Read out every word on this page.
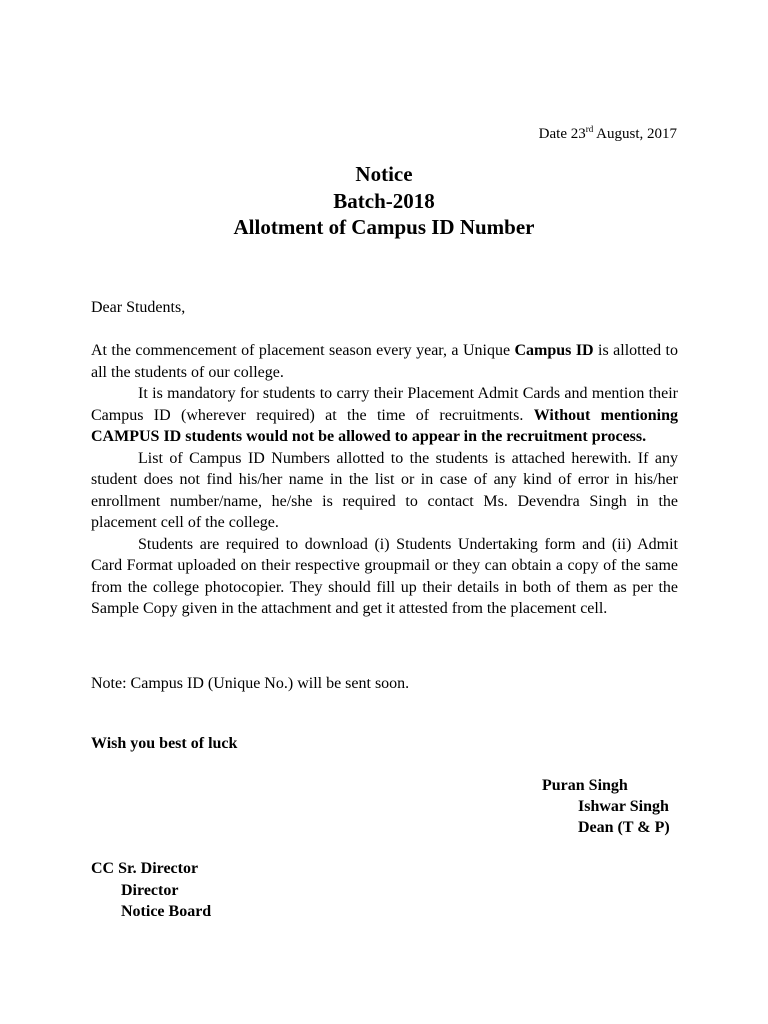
Date 23rd August, 2017
Notice
Batch-2018
Allotment of Campus ID Number
Dear Students,

At the commencement of placement season every year, a Unique Campus ID is allotted to all the students of our college.

It is mandatory for students to carry their Placement Admit Cards and mention their Campus ID (wherever required) at the time of recruitments. Without mentioning CAMPUS ID students would not be allowed to appear in the recruitment process.

List of Campus ID Numbers allotted to the students is attached herewith. If any student does not find his/her name in the list or in case of any kind of error in his/her enrollment number/name, he/she is required to contact Ms. Devendra Singh in the placement cell of the college.

Students are required to download (i) Students Undertaking form and (ii) Admit Card Format uploaded on their respective groupmail or they can obtain a copy of the same from the college photocopier. They should fill up their details in both of them as per the Sample Copy given in the attachment and get it attested from the placement cell.

Note: Campus ID (Unique No.) will be sent soon.
Wish you best of luck
Puran Singh
Ishwar Singh
Dean (T & P)
CC Sr. Director
Director
Notice Board
